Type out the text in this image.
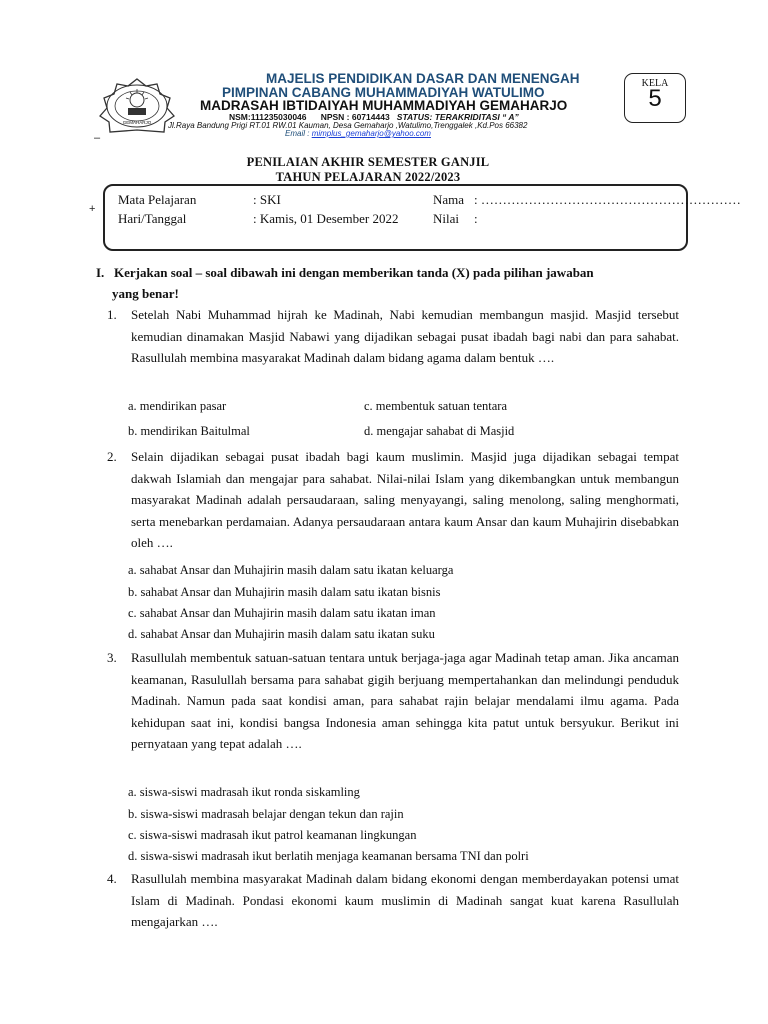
GEMAHARJO
MAJELIS PENDIDIKAN DASAR DAN MENENGAH
PIMPINAN CABANG MUHAMMADIYAH WATULIMO
MADRASAH IBTIDAIYAH MUHAMMADIYAH GEMAHARJO
NSM:111235030046 NPSN : 60714443 STATUS: TERAKRIDITASI “ A”
Jl.Raya Bandung Prigi RT.01 RW.01 Kauman, Desa Gemaharjo ,Watulimo,Trenggalek ,Kd.Pos 66382
Email : mimplus_gemaharjo@yahoo.com
KELA
5
–
+
PENILAIAN AKHIR SEMESTER GANJIL
TAHUN PELAJARAN 2022/2023
Mata Pelajaran	: SKI	Nama : ……………………………………………………
Hari/Tanggal	: Kamis, 01 Desember 2022	Nilai :
I. Kerjakan soal – soal dibawah ini dengan memberikan tanda (X) pada pilihan jawaban
yang benar!
1. Setelah Nabi Muhammad hijrah ke Madinah, Nabi kemudian membangun masjid. Masjid tersebut kemudian dinamakan Masjid Nabawi yang dijadikan sebagai pusat ibadah bagi nabi dan para sahabat. Rasullulah membina masyarakat Madinah dalam bidang agama dalam bentuk ….
a. mendirikan pasar
b. mendirikan Baitulmal
c. membentuk satuan tentara
d. mengajar sahabat di Masjid
2. Selain dijadikan sebagai pusat ibadah bagi kaum muslimin. Masjid juga dijadikan sebagai tempat dakwah Islamiah dan mengajar para sahabat. Nilai-nilai Islam yang dikembangkan untuk membangun masyarakat Madinah adalah persaudaraan, saling menyayangi, saling menolong, saling menghormati, serta menebarkan perdamaian. Adanya persaudaraan antara kaum Ansar dan kaum Muhajirin disebabkan oleh ….
a. sahabat Ansar dan Muhajirin masih dalam satu ikatan keluarga
b. sahabat Ansar dan Muhajirin masih dalam satu ikatan bisnis
c. sahabat Ansar dan Muhajirin masih dalam satu ikatan iman
d. sahabat Ansar dan Muhajirin masih dalam satu ikatan suku
3. Rasullulah membentuk satuan-satuan tentara untuk berjaga-jaga agar Madinah tetap aman. Jika ancaman keamanan, Rasulullah bersama para sahabat gigih berjuang mempertahankan dan melindungi penduduk Madinah. Namun pada saat kondisi aman, para sahabat rajin belajar mendalami ilmu agama. Pada kehidupan saat ini, kondisi bangsa Indonesia aman sehingga kita patut untuk bersyukur. Berikut ini pernyataan yang tepat adalah ….
a. siswa-siswi madrasah ikut ronda siskamling
b. siswa-siswi madrasah belajar dengan tekun dan rajin
c. siswa-siswi madrasah ikut patrol keamanan lingkungan
d. siswa-siswi madrasah ikut berlatih menjaga keamanan bersama TNI dan polri
4. Rasullulah membina masyarakat Madinah dalam bidang ekonomi dengan memberdayakan potensi umat Islam di Madinah. Pondasi ekonomi kaum muslimin di Madinah sangat kuat karena Rasullulah mengajarkan ….
